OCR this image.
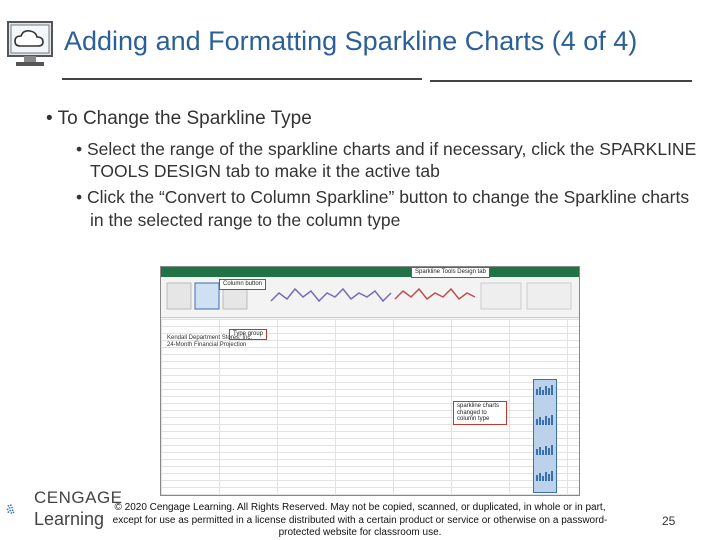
Adding and Formatting Sparkline Charts (4 of 4)
• To Change the Sparkline Type
• Select the range of the sparkline charts and if necessary, click the SPARKLINE TOOLS DESIGN tab to make it the active tab
• Click the “Convert to Column Sparkline” button to change the Sparkline charts in the selected range to the column type
Column button
Type group
Sparkline Tools Design tab
sparkline charts changed to column type
Kendall Department Stores, Inc.
24-Month Financial Projection
CENGAGE
Learning
© 2020 Cengage Learning. All Rights Reserved. May not be copied, scanned, or duplicated, in whole or in part, except for use as permitted in a license distributed with a certain product or service or otherwise on a password-protected website for classroom use.
25
